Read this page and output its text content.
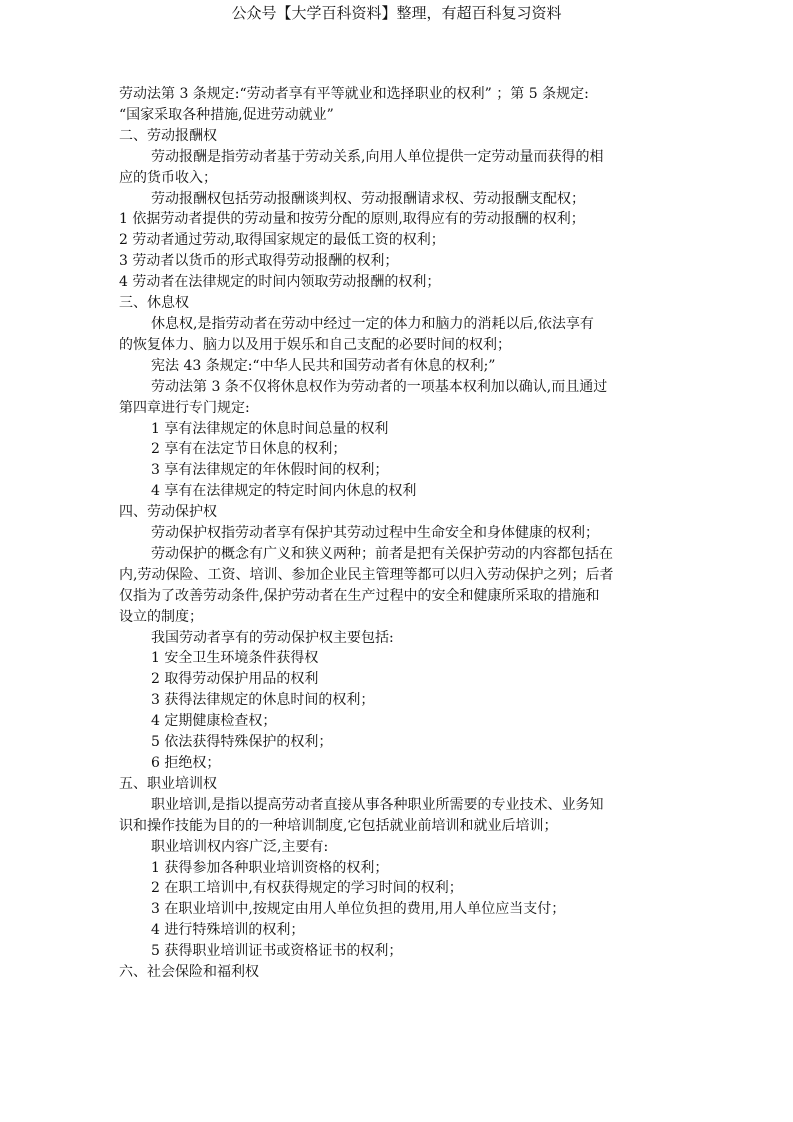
公众号【大学百科资料】整理，有超百科复习资料

劳动法第 3 条规定:“劳动者享有平等就业和选择职业的权利” ；第 5 条规定:

“国家采取各种措施,促进劳动就业”

二、劳动报酬权

劳动报酬是指劳动者基于劳动关系,向用人单位提供一定劳动量而获得的相

应的货币收入；

劳动报酬权包括劳动报酬谈判权、劳动报酬请求权、劳动报酬支配权；

1 依据劳动者提供的劳动量和按劳分配的原则,取得应有的劳动报酬的权利；

2 劳动者通过劳动,取得国家规定的最低工资的权利；

3 劳动者以货币的形式取得劳动报酬的权利；

4 劳动者在法律规定的时间内领取劳动报酬的权利；

三、休息权

休息权,是指劳动者在劳动中经过一定的体力和脑力的消耗以后,依法享有

的恢复体力、脑力以及用于娱乐和自己支配的必要时间的权利；

宪法 43 条规定:“中华人民共和国劳动者有休息的权利;”

劳动法第 3 条不仅将休息权作为劳动者的一项基本权利加以确认,而且通过

第四章进行专门规定:

1 享有法律规定的休息时间总量的权利

2 享有在法定节日休息的权利；

3 享有法律规定的年休假时间的权利；

4 享有在法律规定的特定时间内休息的权利

四、劳动保护权

劳动保护权指劳动者享有保护其劳动过程中生命安全和身体健康的权利；

劳动保护的概念有广义和狭义两种；前者是把有关保护劳动的内容都包括在

内,劳动保险、工资、培训、参加企业民主管理等都可以归入劳动保护之列；后者

仅指为了改善劳动条件,保护劳动者在生产过程中的安全和健康所采取的措施和

设立的制度；

我国劳动者享有的劳动保护权主要包括:

1 安全卫生环境条件获得权

2 取得劳动保护用品的权利

3 获得法律规定的休息时间的权利；

4 定期健康检查权；

5 依法获得特殊保护的权利；

6 拒绝权；

五、职业培训权

职业培训,是指以提高劳动者直接从事各种职业所需要的专业技术、业务知

识和操作技能为目的的一种培训制度,它包括就业前培训和就业后培训；

职业培训权内容广泛,主要有:

1 获得参加各种职业培训资格的权利；

2 在职工培训中,有权获得规定的学习时间的权利；

3 在职业培训中,按规定由用人单位负担的费用,用人单位应当支付；

4 进行特殊培训的权利；

5 获得职业培训证书或资格证书的权利；

六、社会保险和福利权
